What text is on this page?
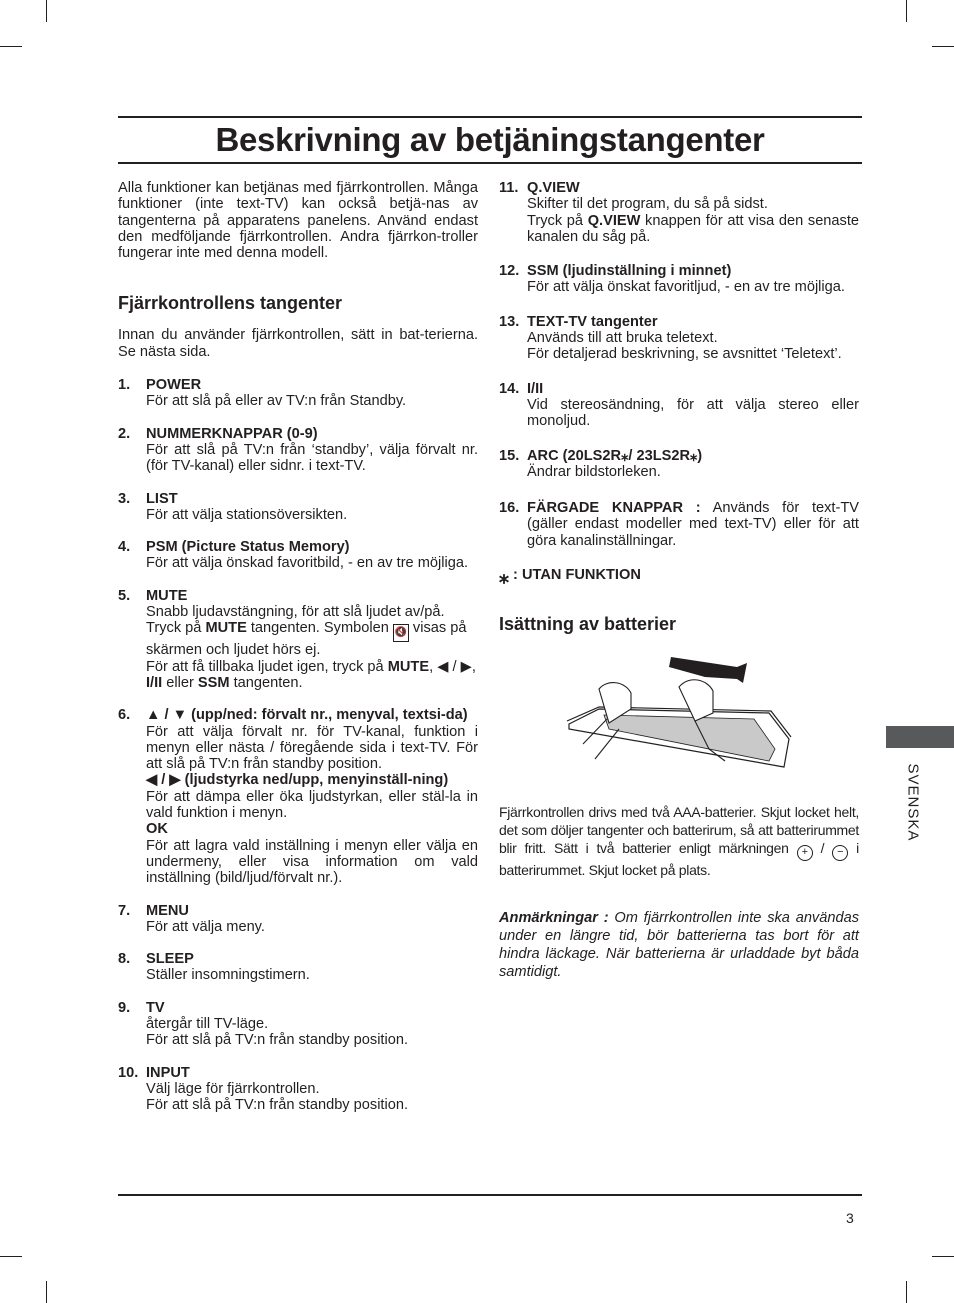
Beskrivning av betjäningstangenter

Alla funktioner kan betjänas med fjärrkontrollen. Många funktioner (inte text-TV) kan också betjä-nas av tangenterna på apparatens panelens. Använd endast den medföljande fjärrkontrollen. Andra fjärrkon-troller fungerar inte med denna modell.

Fjärrkontrollens tangenter

Innan du använder fjärrkontrollen, sätt in bat-terierna. Se nästa sida.

1.	POWER
För att slå på eller av TV:n från Standby.
2.	NUMMERKNAPPAR (0-9)
För att slå på TV:n från ‘standby’, välja förvalt nr. (för TV-kanal) eller sidnr. i text-TV.
3.	LIST
För att välja stationsöversikten.
4.	PSM (Picture Status Memory)
För att välja önskad favoritbild, - en av tre möjliga.
5.	MUTE
Snabb ljudavstängning, för att slå ljudet av/på.
Tryck på MUTE tangenten. Symbolen 🔇 visas på skärmen och ljudet hörs ej.
För att få tillbaka ljudet igen, tryck på MUTE, ◀ / ▶, I/II eller SSM tangenten.
6.	▲ / ▼ (upp/ned: förvalt nr., menyval, textsi-da)
För att välja förvalt nr. för TV-kanal, funktion i menyn eller nästa / föregående sida i text-TV. För att slå på TV:n från standby position.
◀ / ▶ (ljudstyrka ned/upp, menyinställ-ning)
För att dämpa eller öka ljudstyrkan, eller stäl-la in vald funktion i menyn.
OK
För att lagra vald inställning i menyn eller välja en undermeny, eller visa information om vald inställning (bild/ljud/förvalt nr.).
7.	MENU
För att välja meny.
8.	SLEEP
Ställer insomningstimern.
9.	TV
återgår till TV-läge.
För att slå på TV:n från standby position.
10. INPUT
Välj läge för fjärrkontrollen.
För att slå på TV:n från standby position.
11. Q.VIEW
Skifter til det program, du så på sidst.
Tryck på Q.VIEW knappen för att visa den senaste kanalen du såg på.
12. SSM (ljudinställning i minnet)
För att välja önskat favoritljud, - en av tre möjliga.
13. TEXT-TV tangenter
Används till att bruka teletext.
För detaljerad beskrivning, se avsnittet ‘Teletext’.
14. I/II
Vid stereosändning, för att välja stereo eller monoljud.
15. ARC (20LS2R⁎/ 23LS2R⁎)
Ändrar bildstorleken.
16. FÄRGADE KNAPPAR : Används för text-TV (gäller endast modeller med text-TV) eller för att göra kanalinställningar.
⁎ : UTAN FUNKTION
Isättning av batterier

Fjärrkontrollen drivs med två AAA-batterier. Skjut locket helt, det som döljer tangenter och batterirum, så att batterirummet blir fritt. Sätt i två batterier enligt märkningen + / − i batterirummet. Skjut locket på plats.

Anmärkningar : Om fjärrkontrollen inte ska användas under en längre tid, bör batterierna tas bort för att hindra läckage. När batterierna är urladdade byt båda samtidigt.

SVENSKA
3
